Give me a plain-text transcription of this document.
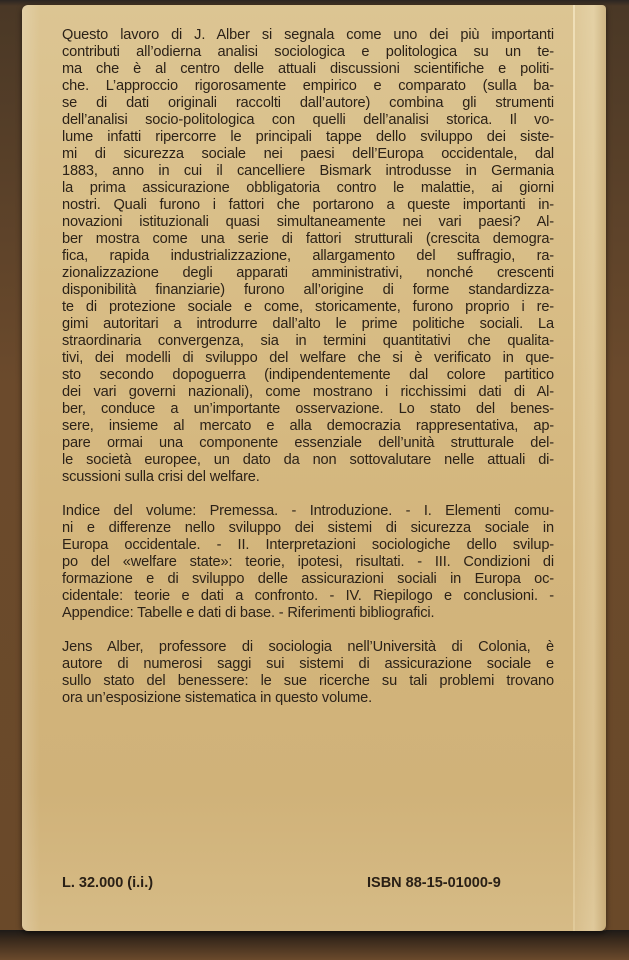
Questo lavoro di J. Alber si segnala come uno dei più importanti
contributi all’odierna analisi sociologica e politologica su un te-
ma che è al centro delle attuali discussioni scientifiche e politi-
che. L’approccio rigorosamente empirico e comparato (sulla ba-
se di dati originali raccolti dall’autore) combina gli strumenti
dell’analisi socio-politologica con quelli dell’analisi storica. Il vo-
lume infatti ripercorre le principali tappe dello sviluppo dei siste-
mi di sicurezza sociale nei paesi dell’Europa occidentale, dal
1883, anno in cui il cancelliere Bismark introdusse in Germania
la prima assicurazione obbligatoria contro le malattie, ai giorni
nostri. Quali furono i fattori che portarono a queste importanti in-
novazioni istituzionali quasi simultaneamente nei vari paesi? Al-
ber mostra come una serie di fattori strutturali (crescita demogra-
fica, rapida industrializzazione, allargamento del suffragio, ra-
zionalizzazione degli apparati amministrativi, nonché crescenti
disponibilità finanziarie) furono all’origine di forme standardizza-
te di protezione sociale e come, storicamente, furono proprio i re-
gimi autoritari a introdurre dall’alto le prime politiche sociali. La
straordinaria convergenza, sia in termini quantitativi che qualita-
tivi, dei modelli di sviluppo del welfare che si è verificato in que-
sto secondo dopoguerra (indipendentemente dal colore partitico
dei vari governi nazionali), come mostrano i ricchissimi dati di Al-
ber, conduce a un’importante osservazione. Lo stato del benes-
sere, insieme al mercato e alla democrazia rappresentativa, ap-
pare ormai una componente essenziale dell’unità strutturale del-
le società europee, un dato da non sottovalutare nelle attuali di-
scussioni sulla crisi del welfare.

Indice del volume: Premessa. - Introduzione. - I. Elementi comu-
ni e differenze nello sviluppo dei sistemi di sicurezza sociale in
Europa occidentale. - II. Interpretazioni sociologiche dello svilup-
po del «welfare state»: teorie, ipotesi, risultati. - III. Condizioni di
formazione e di sviluppo delle assicurazioni sociali in Europa oc-
cidentale: teorie e dati a confronto. - IV. Riepilogo e conclusioni. -
Appendice: Tabelle e dati di base. - Riferimenti bibliografici.

Jens Alber, professore di sociologia nell’Università di Colonia, è
autore di numerosi saggi sui sistemi di assicurazione sociale e
sullo stato del benessere: le sue ricerche su tali problemi trovano
ora un’esposizione sistematica in questo volume.

L. 32.000 (i.i.)	ISBN 88-15-01000-9
